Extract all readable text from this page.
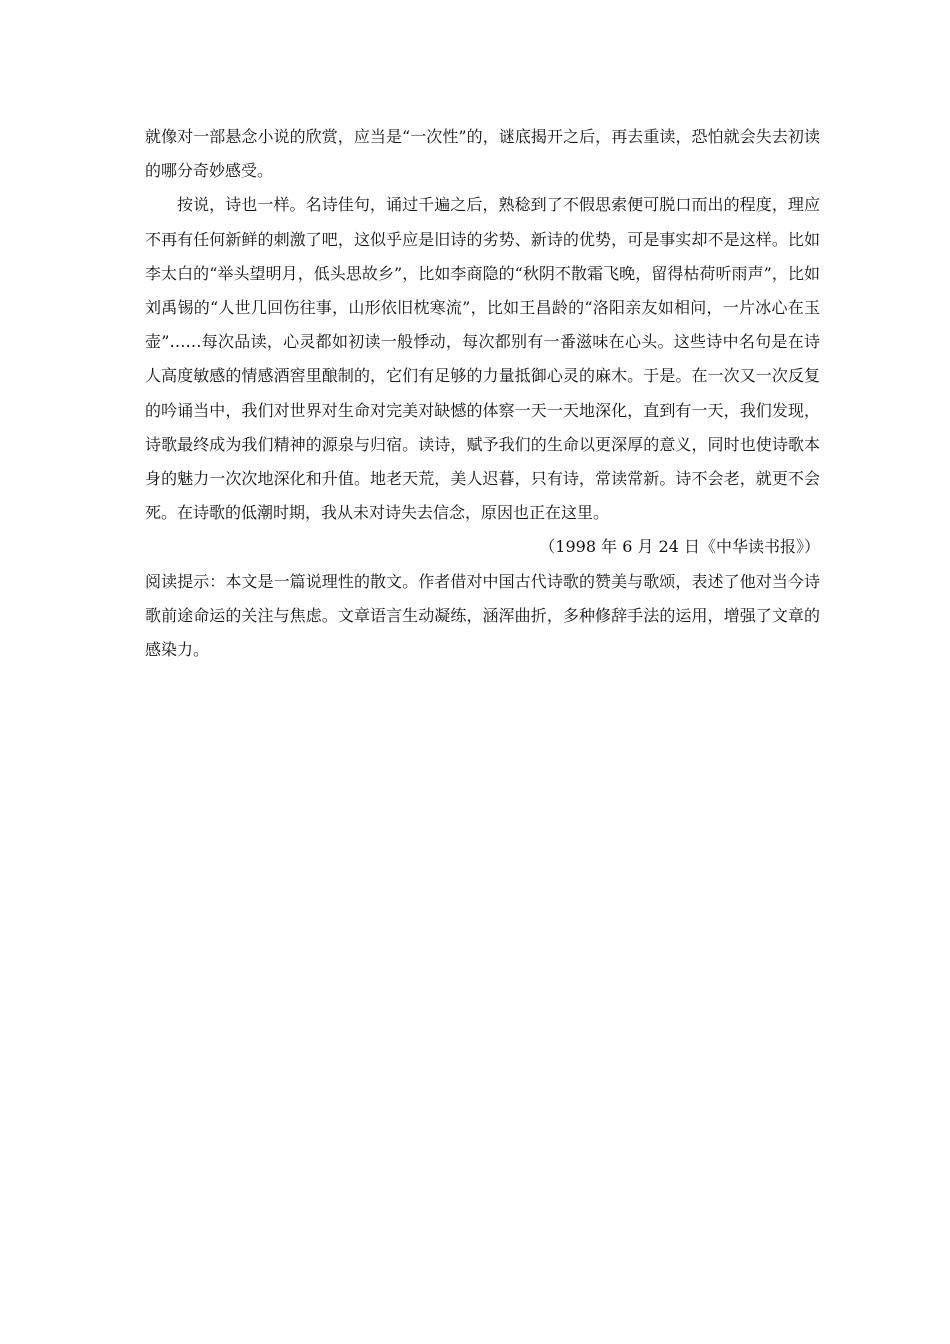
就像对一部悬念小说的欣赏，应当是“一次性”的，谜底揭开之后，再去重读，恐怕就会失去初读的哪分奇妙感受。

按说，诗也一样。名诗佳句，诵过千遍之后，熟稔到了不假思索便可脱口而出的程度，理应不再有任何新鲜的刺激了吧，这似乎应是旧诗的劣势、新诗的优势，可是事实却不是这样。比如李太白的“举头望明月，低头思故乡”，比如李商隐的“秋阴不散霜飞晚，留得枯荷听雨声”，比如刘禹锡的“人世几回伤往事，山形依旧枕寒流”，比如王昌龄的“洛阳亲友如相问，一片冰心在玉壶”……每次品读，心灵都如初读一般悸动，每次都别有一番滋味在心头。这些诗中名句是在诗人高度敏感的情感酒窖里酿制的，它们有足够的力量抵御心灵的麻木。于是。在一次又一次反复的吟诵当中，我们对世界对生命对完美对缺憾的体察一天一天地深化，直到有一天，我们发现，诗歌最终成为我们精神的源泉与归宿。读诗，赋予我们的生命以更深厚的意义，同时也使诗歌本身的魅力一次次地深化和升值。地老天荒，美人迟暮，只有诗，常读常新。诗不会老，就更不会死。在诗歌的低潮时期，我从未对诗失去信念，原因也正在这里。

（1998 年 6 月 24 日《中华读书报》）

阅读提示：本文是一篇说理性的散文。作者借对中国古代诗歌的赞美与歌颂，表述了他对当今诗歌前途命运的关注与焦虑。文章语言生动凝练，涵浑曲折，多种修辞手法的运用，增强了文章的感染力。
